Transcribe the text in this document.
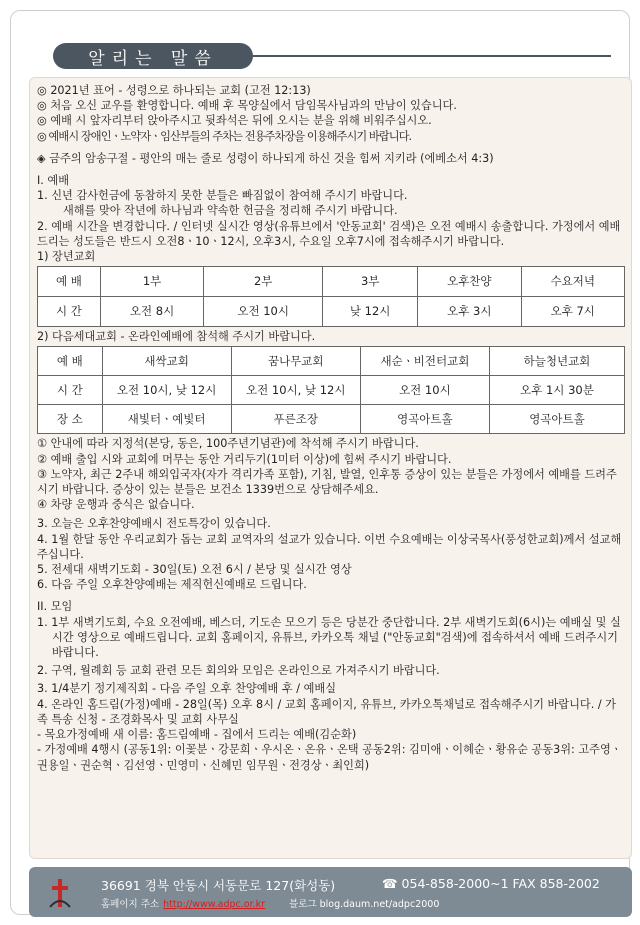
알리는 말씀

◎ 2021년 표어 - 성령으로 하나되는 교회 (고전 12:13)

◎ 처음 오신 교우를 환영합니다. 예배 후 목양실에서 담임목사님과의 만남이 있습니다.

◎ 예배 시 앞자리부터 앉아주시고 뒷좌석은 뒤에 오시는 분을 위해 비워주십시오.

◎ 예배시 장애인ㆍ노약자ㆍ임산부들의 주차는 전용주차장을 이용해주시기 바랍니다.

◈ 금주의 암송구절 - 평안의 매는 줄로 성령이 하나되게 하신 것을 힘써 지키라 (에베소서 4:3)

I. 예배

1. 신년 감사헌금에 동참하지 못한 분들은 빠짐없이 참여해 주시기 바랍니다.

새해를 맞아 작년에 하나님과 약속한 헌금을 정리해 주시기 바랍니다.

2. 예배 시간을 변경합니다. / 인터넷 실시간 영상(유튜브에서 '안동교회' 검색)은 오전 예배시 송출합니다. 가정에서 예배드리는 성도들은 반드시 오전8ㆍ10ㆍ12시, 오후3시, 수요일 오후7시에 접속해주시기 바랍니다.

1) 장년교회

예 배	1부	2부	3부	오후찬양	수요저녁
시 간	오전 8시	오전 10시	낮 12시	오후 3시	오후 7시

2) 다음세대교회 - 온라인예배에 참석해 주시기 바랍니다.

예 배	새싹교회	꿈나무교회	새순ㆍ비전터교회	하늘청년교회
시 간	오전 10시, 낮 12시	오전 10시, 낮 12시	오전 10시	오후 1시 30분
장 소	새빛터ㆍ예빛터	푸른조장	영곡아트홀	영곡아트홀

① 안내에 따라 지정석(본당, 동은, 100주년기념관)에 착석해 주시기 바랍니다.

② 예배 출입 시와 교회에 머무는 동안 거리두기(1미터 이상)에 힘써 주시기 바랍니다.

③ 노약자, 최근 2주내 해외입국자(자가 격리가족 포함), 기침, 발열, 인후통 증상이 있는 분들은 가정에서 예배를 드려주시기 바랍니다. 증상이 있는 분들은 보건소 1339번으로 상담해주세요.

④ 차량 운행과 중식은 없습니다.

3. 오늘은 오후찬양예배시 전도특강이 있습니다.

4. 1월 한달 동안 우리교회가 돕는 교회 교역자의 설교가 있습니다. 이번 수요예배는 이상국목사(풍성한교회)께서 설교해 주십니다.

5. 전세대 새벽기도회 - 30일(토) 오전 6시 / 본당 및 실시간 영상

6. 다음 주일 오후찬양예배는 제직헌신예배로 드립니다.

II. 모임

1. 1부 새벽기도회, 수요 오전예배, 베스더, 기도손 모으기 등은 당분간 중단합니다. 2부 새벽기도회(6시)는 예배실 및 실시간 영상으로 예배드립니다. 교회 홈페이지, 유튜브, 카카오톡 채널 ("안동교회"검색)에 접속하셔서 예배 드려주시기 바랍니다.

2. 구역, 월례회 등 교회 관련 모든 회의와 모임은 온라인으로 가져주시기 바랍니다.

3. 1/4분기 정기제직회 - 다음 주일 오후 찬양예배 후 / 예배실

4. 온라인 홈드림(가정)예배 - 28일(목) 오후 8시 / 교회 홈페이지, 유튜브, 카카오톡채널로 접속해주시기 바랍니다. / 가족 특송 신청 - 조경화목사 및 교회 사무실

- 목요가정예배 새 이름: 홈드림예배 - 집에서 드리는 예배(김순화)

- 가정예배 4행시 (공동1위: 이꽃분ㆍ강문희ㆍ우시온ㆍ온유ㆍ온택 공동2위: 김미애ㆍ이혜순ㆍ황유순 공동3위: 고주영ㆍ권용일ㆍ권순혁ㆍ김선영ㆍ민영미ㆍ신혜민 임무원ㆍ전경상ㆍ최인희)

36691 경북 안동시 서동문로 127(화성동)	☎ 054-858-2000~1 FAX 858-2002
홈페이지 주소 http://www.adpc.or.kr	블로그 blog.daum.net/adpc2000
